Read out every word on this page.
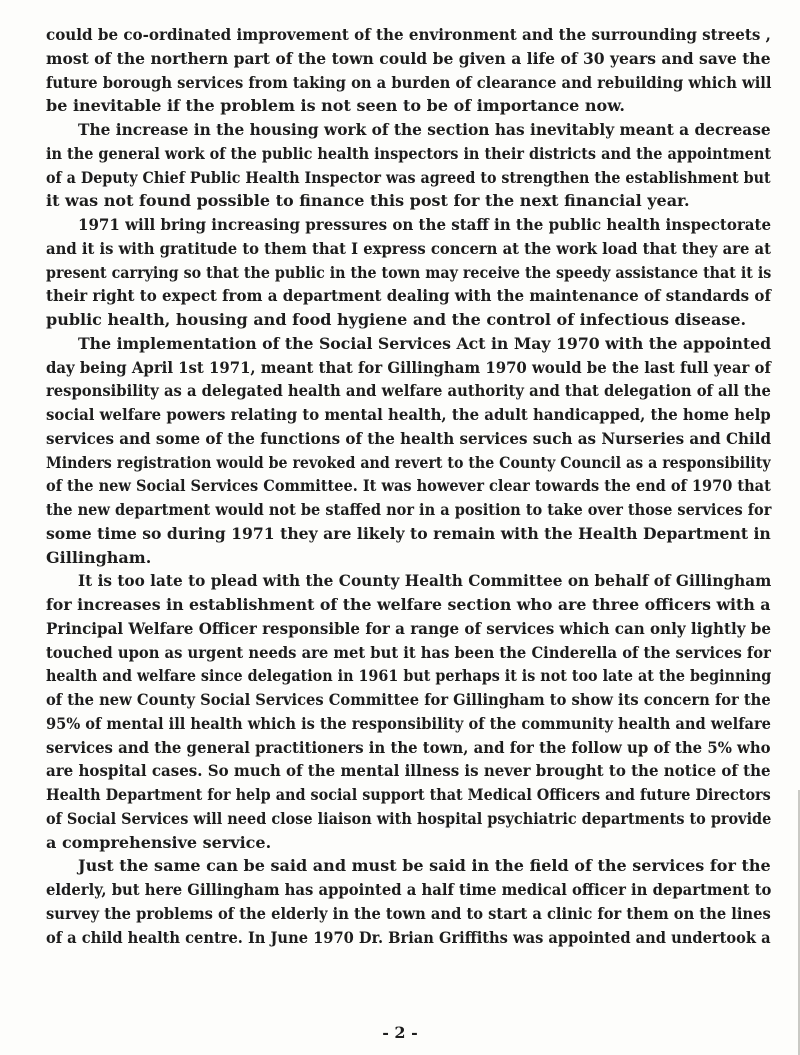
could be co-ordinated improvement of the environment and the surrounding streets ,
most of the northern part of the town could be given a life of 30 years and save the
future borough services from taking on a burden of clearance and rebuilding which will
be inevitable if the problem is not seen to be of importance now.
The increase in the housing work of the section has inevitably meant a decrease
in the general work of the public health inspectors in their districts and the appointment
of a Deputy Chief Public Health Inspector was agreed to strengthen the establishment but
it was not found possible to finance this post for the next financial year.
1971 will bring increasing pressures on the staff in the public health inspectorate
and it is with gratitude to them that I express concern at the work load that they are at
present carrying so that the public in the town may receive the speedy assistance that it is
their right to expect from a department dealing with the maintenance of standards of
public health, housing and food hygiene and the control of infectious disease.
The implementation of the Social Services Act in May 1970 with the appointed
day being April 1st 1971, meant that for Gillingham 1970 would be the last full year of
responsibility as a delegated health and welfare authority and that delegation of all the
social welfare powers relating to mental health, the adult handicapped, the home help
services and some of the functions of the health services such as Nurseries and Child
Minders registration would be revoked and revert to the County Council as a responsibility
of the new Social Services Committee. It was however clear towards the end of 1970 that
the new department would not be staffed nor in a position to take over those services for
some time so during 1971 they are likely to remain with the Health Department in
Gillingham.
It is too late to plead with the County Health Committee on behalf of Gillingham
for increases in establishment of the welfare section who are three officers with a
Principal Welfare Officer responsible for a range of services which can only lightly be
touched upon as urgent needs are met but it has been the Cinderella of the services for
health and welfare since delegation in 1961 but perhaps it is not too late at the beginning
of the new County Social Services Committee for Gillingham to show its concern for the
95% of mental ill health which is the responsibility of the community health and welfare
services and the general practitioners in the town, and for the follow up of the 5% who
are hospital cases. So much of the mental illness is never brought to the notice of the
Health Department for help and social support that Medical Officers and future Directors
of Social Services will need close liaison with hospital psychiatric departments to provide
a comprehensive service.
Just the same can be said and must be said in the field of the services for the
elderly, but here Gillingham has appointed a half time medical officer in department to
survey the problems of the elderly in the town and to start a clinic for them on the lines
of a child health centre. In June 1970 Dr. Brian Griffiths was appointed and undertook a
- 2 -
